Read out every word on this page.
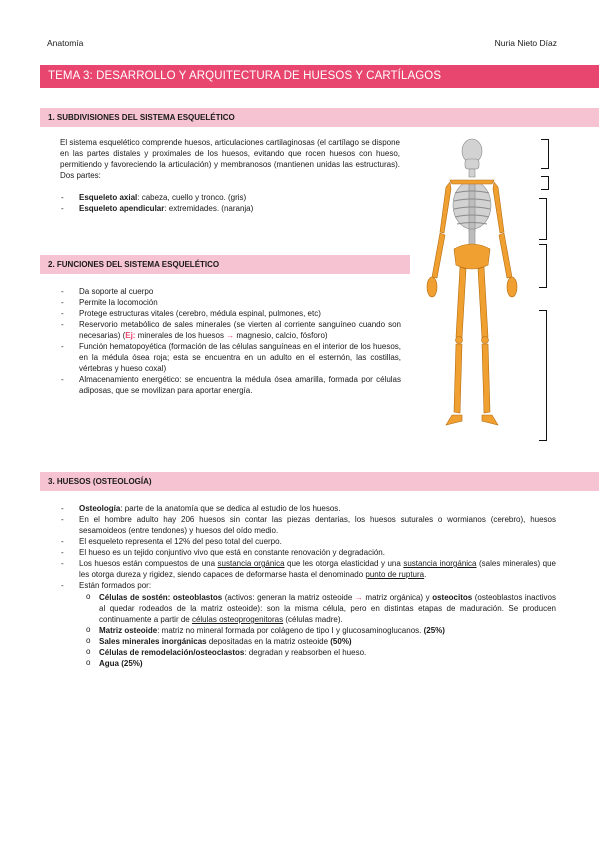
Anatomía	Nuria Nieto Díaz
TEMA 3: DESARROLLO Y ARQUITECTURA DE HUESOS Y CARTÍLAGOS
1. SUBDIVISIONES DEL SISTEMA ESQUELÉTICO

El sistema esquelético comprende huesos, articulaciones cartilaginosas (el cartílago se dispone en las partes distales y proximales de los huesos, evitando que rocen huesos con hueso, permitiendo y favoreciendo la articulación) y membranosos (mantienen unidas las estructuras). Dos partes:

- Esqueleto axial: cabeza, cuello y tronco. (gris)
- Esqueleto apendicular: extremidades. (naranja)
2. FUNCIONES DEL SISTEMA ESQUELÉTICO
- Da soporte al cuerpo
- Permite la locomoción
- Protege estructuras vitales (cerebro, médula espinal, pulmones, etc)
- Reservorio metabólico de sales minerales (se vierten al corriente sanguíneo cuando son necesarias) (Ej: minerales de los huesos → magnesio, calcio, fósforo)
- Función hematopoyética (formación de las células sanguíneas en el interior de los huesos, en la médula ósea roja; esta se encuentra en un adulto en el esternón, las costillas, vértebras y hueso coxal)
- Almacenamiento energético: se encuentra la médula ósea amarilla, formada por células adiposas, que se movilizan para aportar energía.
3. HUESOS (OSTEOLOGÍA)
- Osteología: parte de la anatomía que se dedica al estudio de los huesos.
- En el hombre adulto hay 206 huesos sin contar las piezas dentarias, los huesos suturales o wormianos (cerebro), huesos sesamoideos (entre tendones) y huesos del oído medio.
- El esqueleto representa el 12% del peso total del cuerpo.
- El hueso es un tejido conjuntivo vivo que está en constante renovación y degradación.
- Los huesos están compuestos de una sustancia orgánica que les otorga elasticidad y una sustancia inorgánica (sales minerales) que les otorga dureza y rigidez, siendo capaces de deformarse hasta el denominado punto de ruptura.
- Están formados por:
o Células de sostén: osteoblastos (activos: generan la matriz osteoide → matriz orgánica) y osteocitos (osteoblastos inactivos al quedar rodeados de la matriz osteoide): son la misma célula, pero en distintas etapas de maduración. Se producen continuamente a partir de células osteoprogenitoras (células madre).
o Matriz osteoide: matriz no mineral formada por colágeno de tipo I y glucosaminoglucanos. (25%)
o Sales minerales inorgánicas depositadas en la matriz osteoide (50%)
o Células de remodelación/osteoclastos: degradan y reabsorben el hueso.
o Agua (25%)
